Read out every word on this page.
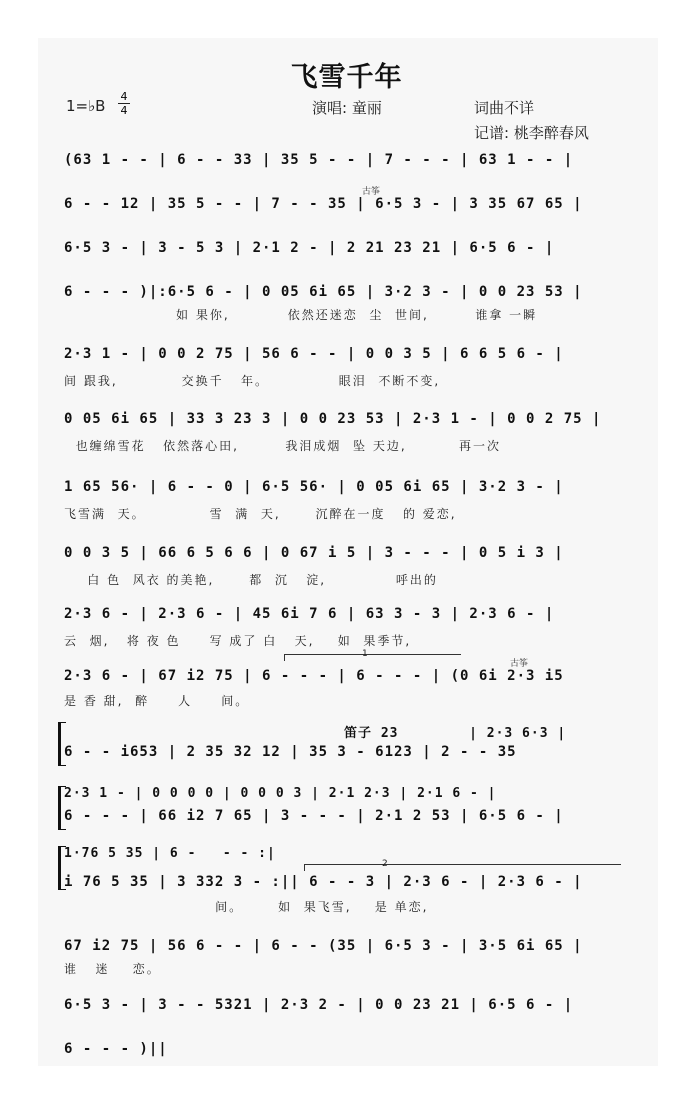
飞雪千年
1=♭B $\frac{4}{4}$	演唱: 童丽	词曲不详
记谱: 桃李醉春风
(63 1 - - | 6 - - 33 | 35 5 - - | 7 - - - | 63 1 - - |
古筝
6 - - 12 | 35 5 - - | 7 - - 35 | 6·5 3 - | 3 35 67 65 |
6·5 3 - | 3 - 5 3 | 2·1 2 - | 2 21 23 21 | 6·5 6 - |
6 - - - )|:6·5 6 - | 0 05 6i 65 | 3·2 3 - | 0 0 23 53 |
如 果你,          依然还迷恋  尘  世间,        谁拿 一瞬
2·3 1 - | 0 0 2 75 | 56 6 - - | 0 0 3 5 | 6 6 5 6 - |
间 跟我,           交换千   年。            眼泪  不断不变,
0 05 6i 65 | 33 3 23 3 | 0 0 23 53 | 2·3 1 - | 0 0 2 75 |
也缠绵雪花   依然落心田,        我泪成烟  坠 天边,         再一次
1 65 56· | 6 - - 0 | 6·5 56· | 0 05 6i 65 | 3·2 3 - |
飞雪满  天。           雪  满  天,      沉醉在一度   的 爱恋,
0 0 3 5 | 66 6 5 6 6 | 0 67 i 5 | 3 - - - | 0 5 i 3 |
白 色  风衣 的美艳,      都  沉   淀,            呼出的
2·3 6 - | 2·3 6 - | 45 6i 7 6 | 63 3 - 3 | 2·3 6 - |
云  烟,   将 夜 色     写 成了 白   天,    如  果季节,
1
古筝
2·3 6 - | 67 i2 75 | 6 - - - | 6 - - - | (0 6i 2·3 i5
是 香 甜,  醉     人     间。
笛子 23        | 2·3 6·3 |
6 - - i653 | 2 35 32 12 | 35 3 - 6123 | 2 - - 35
2·3 1 - | 0 0 0 0 | 0 0 0 3 | 2·1 2·3 | 2·1 6 - |
6 - - - | 66 i2 7 65 | 3 - - - | 2·1 2 53 | 6·5 6 - |
1·76 5 35 | 6 -   - - :|
2
i 76 5 35 | 3 332 3 - :|| 6 - - 3 | 2·3 6 - | 2·3 6 - |
间。      如  果飞雪,    是 单恋,
67 i2 75 | 56 6 - - | 6 - - (35 | 6·5 3 - | 3·5 6i 65 |
谁   迷    恋。
6·5 3 - | 3 - - 5321 | 2·3 2 - | 0 0 23 21 | 6·5 6 - |
6 - - - )||
